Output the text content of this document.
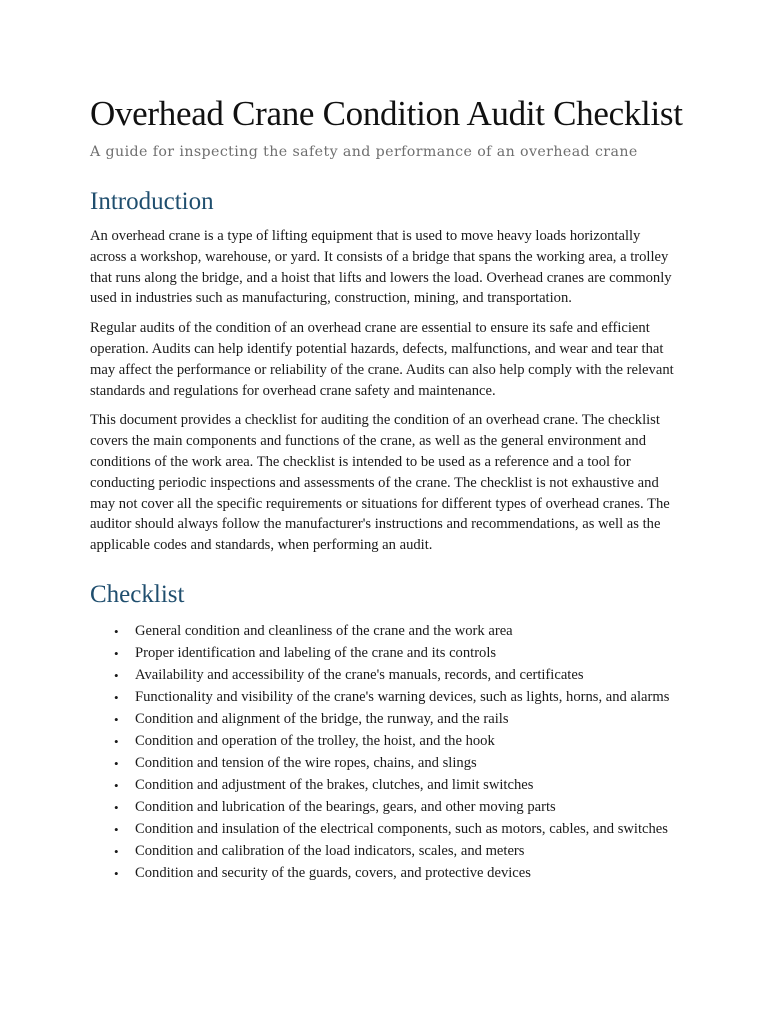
Overhead Crane Condition Audit Checklist

A guide for inspecting the safety and performance of an overhead crane

Introduction

An overhead crane is a type of lifting equipment that is used to move heavy loads horizontally across a workshop, warehouse, or yard. It consists of a bridge that spans the working area, a trolley that runs along the bridge, and a hoist that lifts and lowers the load. Overhead cranes are commonly used in industries such as manufacturing, construction, mining, and transportation.

Regular audits of the condition of an overhead crane are essential to ensure its safe and efficient operation. Audits can help identify potential hazards, defects, malfunctions, and wear and tear that may affect the performance or reliability of the crane. Audits can also help comply with the relevant standards and regulations for overhead crane safety and maintenance.

This document provides a checklist for auditing the condition of an overhead crane. The checklist covers the main components and functions of the crane, as well as the general environment and conditions of the work area. The checklist is intended to be used as a reference and a tool for conducting periodic inspections and assessments of the crane. The checklist is not exhaustive and may not cover all the specific requirements or situations for different types of overhead cranes. The auditor should always follow the manufacturer's instructions and recommendations, as well as the applicable codes and standards, when performing an audit.

Checklist
• General condition and cleanliness of the crane and the work area
• Proper identification and labeling of the crane and its controls
• Availability and accessibility of the crane's manuals, records, and certificates
• Functionality and visibility of the crane's warning devices, such as lights, horns, and alarms
• Condition and alignment of the bridge, the runway, and the rails
• Condition and operation of the trolley, the hoist, and the hook
• Condition and tension of the wire ropes, chains, and slings
• Condition and adjustment of the brakes, clutches, and limit switches
• Condition and lubrication of the bearings, gears, and other moving parts
• Condition and insulation of the electrical components, such as motors, cables, and switches
• Condition and calibration of the load indicators, scales, and meters
• Condition and security of the guards, covers, and protective devices
